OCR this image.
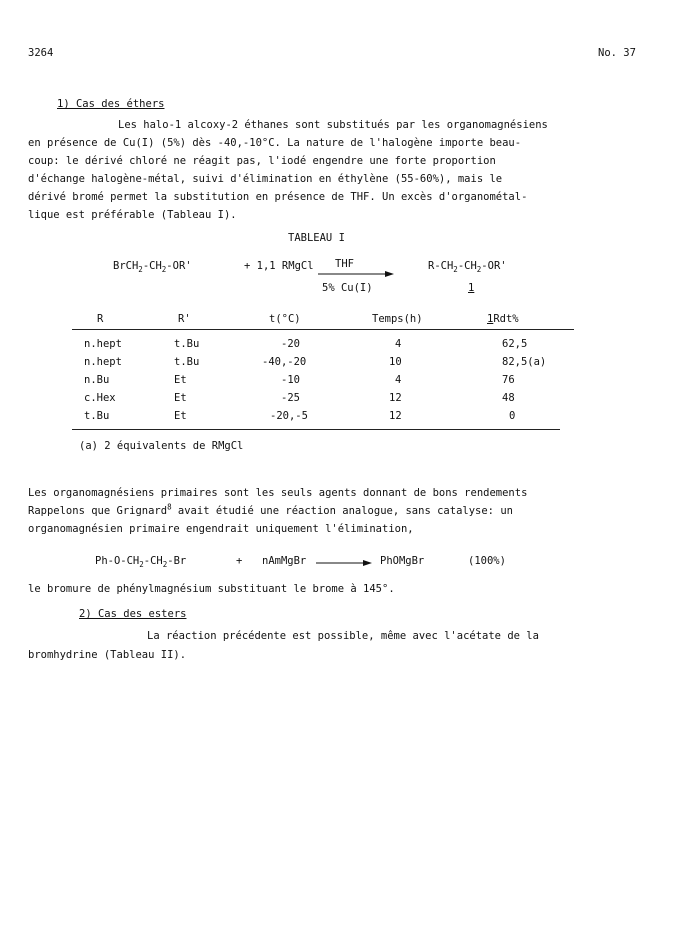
3264	No. 37
1) Cas des éthers
Les halo-1 alcoxy-2 éthanes sont substitués par les organomagnésiens
en présence de Cu(I) (5%) dès -40,-10°C. La nature de l'halogène importe beau-
coup: le dérivé chloré ne réagit pas, l'iodé engendre une forte proportion
d'échange halogène-métal, suivi d'élimination en éthylène (55-60%), mais le
dérivé bromé permet la substitution en présence de THF. Un excès d'organométal-
lique est préférable (Tableau I).
TABLEAU I
$BrCH_2-CH_2-OR'$	+ 1,1 RMgCl THF
5% Cu(I)
$R-CH_2-CH_2-OR'$
1
R	R'	t(°C)	Temps(h)	1Rdt%
n.hept	t.Bu	-20	4	62,5
n.hept	t.Bu	-40,-20	10	82,5(a)
n.Bu	Et	-10	4	76
c.Hex	Et	-25	12	48
t.Bu	Et	-20,-5	12	0
(a) 2 équivalents de RMgCl
Les organomagnésiens primaires sont les seuls agents donnant de bons rendements
Rappelons que Grignard$^8$ avait étudié une réaction analogue, sans catalyse: un
organomagnésien primaire engendrait uniquement l'élimination,
$Ph-O-CH_2-CH_2-Br$	+ nAmMgBr	PhOMgBr	(100%)
le bromure de phénylmagnésium substituant le brome à 145°.
2) Cas des esters
La réaction précédente est possible, même avec l'acétate de la
bromhydrine (Tableau II).
